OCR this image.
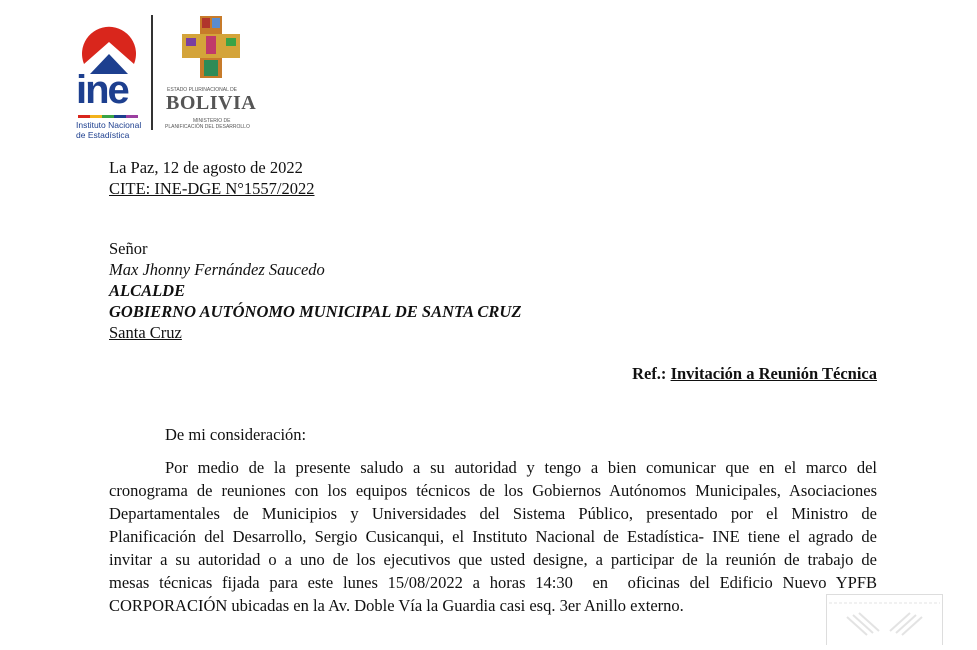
ine
Instituto Nacional
de Estadística
ESTADO PLURINACIONAL DE
BOLIVIA
MINISTERIO DE
PLANIFICACIÓN DEL DESARROLLO
La Paz, 12 de agosto de 2022
CITE: INE-DGE N°1557/2022
Señor
Max Jhonny Fernández Saucedo
ALCALDE
GOBIERNO AUTÓNOMO MUNICIPAL DE SANTA CRUZ
Santa Cruz
Ref.: Invitación a Reunión Técnica
De mi consideración:
Por medio de la presente saludo a su autoridad y tengo a bien comunicar que en el marco del
cronograma de reuniones con los equipos técnicos de los Gobiernos Autónomos Municipales, Asociaciones
Departamentales de Municipios y Universidades del Sistema Público, presentado por el Ministro de
Planificación del Desarrollo, Sergio Cusicanqui, el Instituto Nacional de Estadística- INE tiene el agrado de
invitar a su autoridad o a uno de los ejecutivos que usted designe, a participar de la reunión de trabajo de
mesas técnicas fijada para este lunes 15/08/2022 a horas 14:30  en  oficinas del Edificio Nuevo YPFB
CORPORACIÓN ubicadas en la Av. Doble Vía la Guardia casi esq. 3er Anillo externo.
